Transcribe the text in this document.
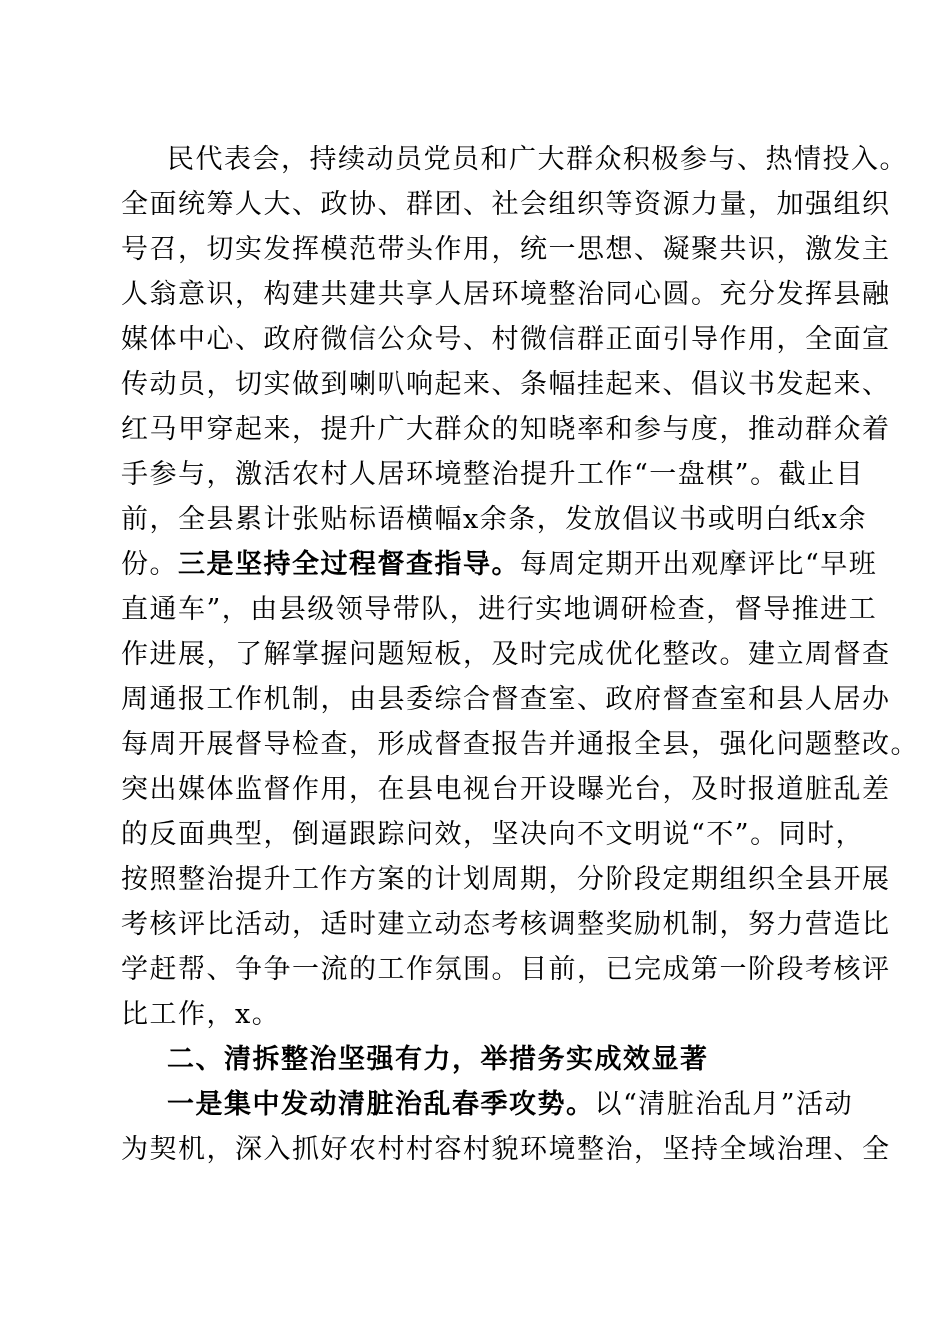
民代表会，持续动员党员和广大群众积极参与、热情投入。
全面统筹人大、政协、群团、社会组织等资源力量，加强组织
号召，切实发挥模范带头作用，统一思想、凝聚共识，激发主
人翁意识，构建共建共享人居环境整治同心圆。充分发挥县融
媒体中心、政府微信公众号、村微信群正面引导作用，全面宣
传动员，切实做到喇叭响起来、条幅挂起来、倡议书发起来、
红马甲穿起来，提升广大群众的知晓率和参与度，推动群众着
手参与，激活农村人居环境整治提升工作“一盘棋”。截止目
前，全县累计张贴标语横幅x余条，发放倡议书或明白纸x余
份。三是坚持全过程督查指导。每周定期开出观摩评比“早班
直通车”，由县级领导带队，进行实地调研检查，督导推进工
作进展，了解掌握问题短板，及时完成优化整改。建立周督查
周通报工作机制，由县委综合督查室、政府督查室和县人居办
每周开展督导检查，形成督查报告并通报全县，强化问题整改。
突出媒体监督作用，在县电视台开设曝光台，及时报道脏乱差
的反面典型，倒逼跟踪问效，坚决向不文明说“不”。同时，
按照整治提升工作方案的计划周期，分阶段定期组织全县开展
考核评比活动，适时建立动态考核调整奖励机制，努力营造比
学赶帮、争争一流的工作氛围。目前，已完成第一阶段考核评
比工作，x。
二、清拆整治坚强有力，举措务实成效显著
一是集中发动清脏治乱春季攻势。以“清脏治乱月”活动
为契机，深入抓好农村村容村貌环境整治，坚持全域治理、全
